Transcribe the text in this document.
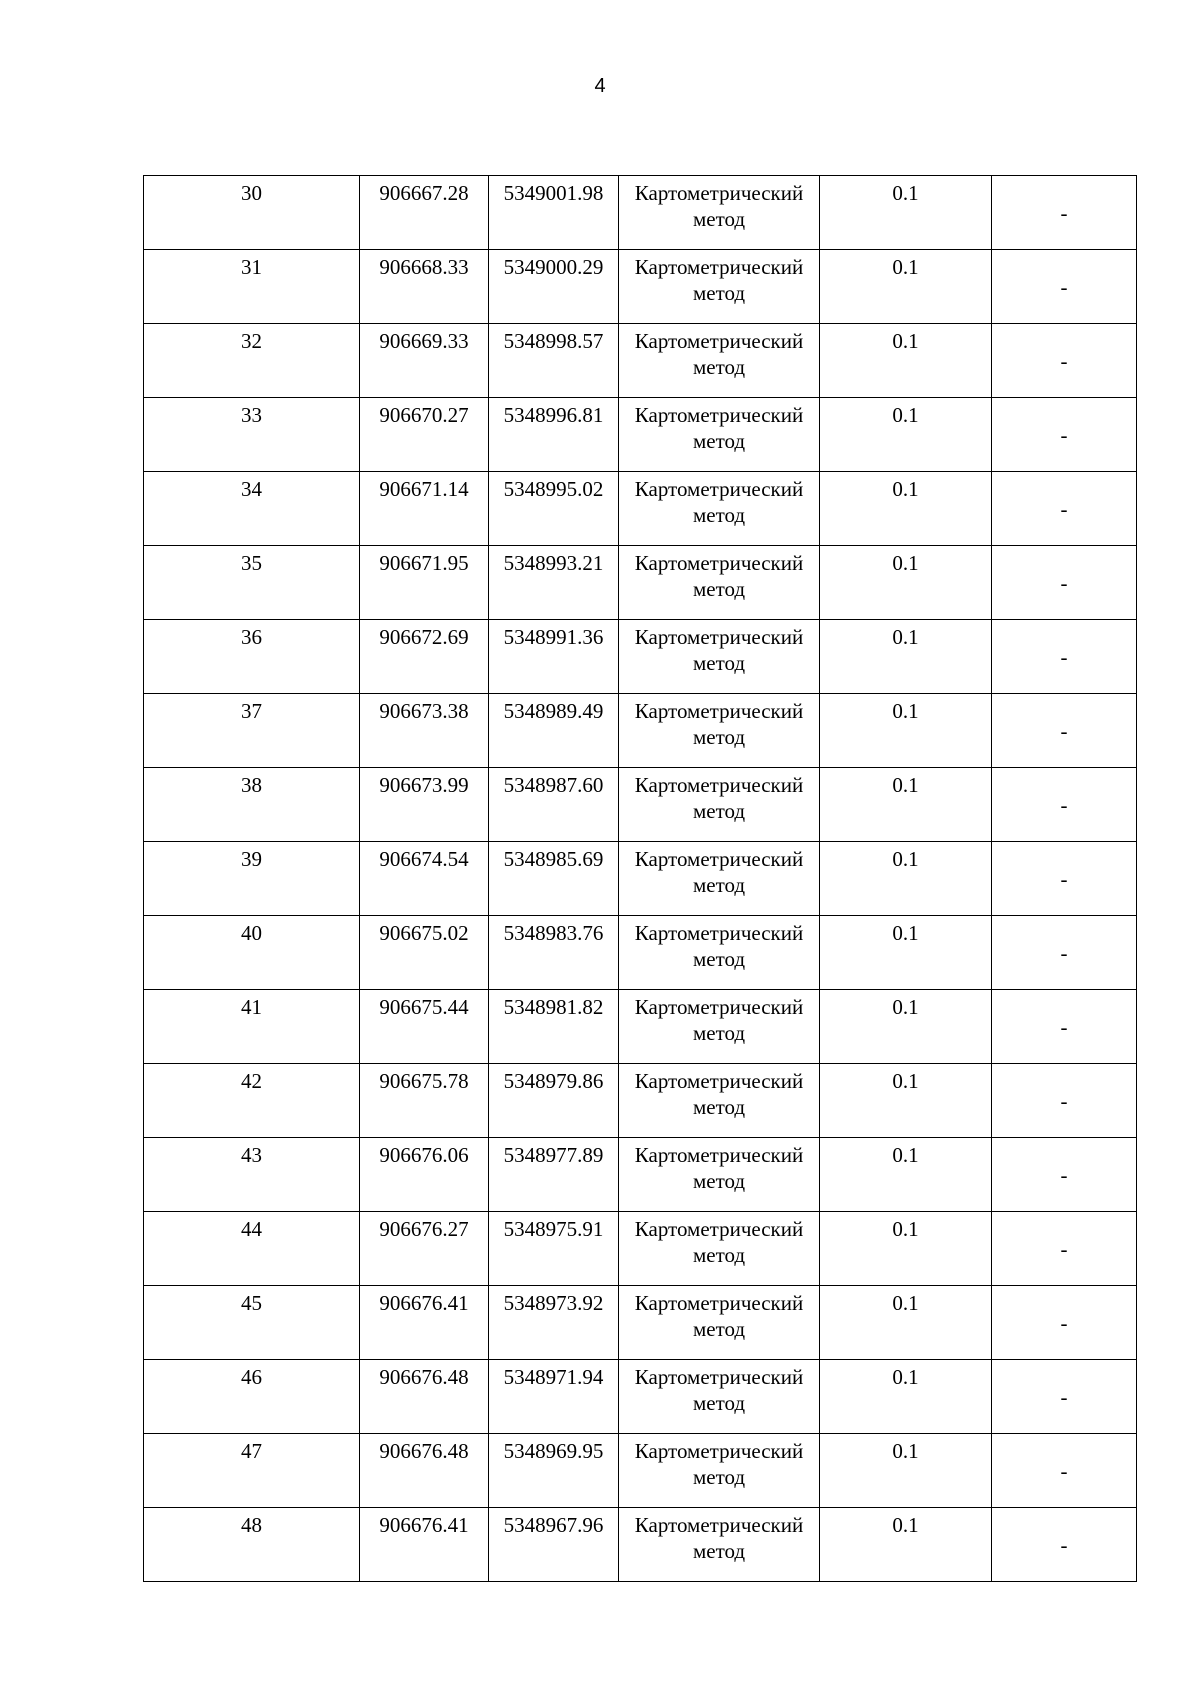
4
30	906667.28	5349001.98	Картометрический метод	0.1	-

31	906668.33	5349000.29	Картометрический метод	0.1	-

32	906669.33	5348998.57	Картометрический метод	0.1	-

33	906670.27	5348996.81	Картометрический метод	0.1	-

34	906671.14	5348995.02	Картометрический метод	0.1	-

35	906671.95	5348993.21	Картометрический метод	0.1	-

36	906672.69	5348991.36	Картометрический метод	0.1	-

37	906673.38	5348989.49	Картометрический метод	0.1	-

38	906673.99	5348987.60	Картометрический метод	0.1	-

39	906674.54	5348985.69	Картометрический метод	0.1	-

40	906675.02	5348983.76	Картометрический метод	0.1	-

41	906675.44	5348981.82	Картометрический метод	0.1	-

42	906675.78	5348979.86	Картометрический метод	0.1	-

43	906676.06	5348977.89	Картометрический метод	0.1	-

44	906676.27	5348975.91	Картометрический метод	0.1	-

45	906676.41	5348973.92	Картометрический метод	0.1	-

46	906676.48	5348971.94	Картометрический метод	0.1	-

47	906676.48	5348969.95	Картометрический метод	0.1	-

48	906676.41	5348967.96	Картометрический метод	0.1	-
